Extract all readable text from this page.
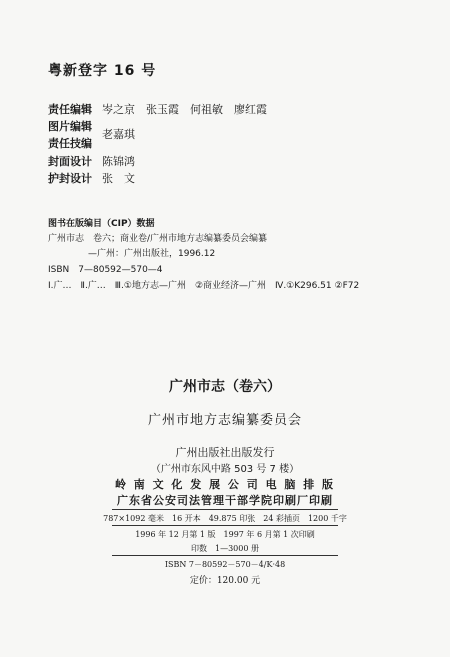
粤新登字 16 号
责任编辑 岑之京　张玉霞　何祖敏　廖红霞
图片编辑
责任技编
老嘉琪
封面设计 陈锦鸿
护封设计 张　文
图书在版编目（CIP）数据
广州市志　卷六；商业卷/广州市地方志编纂委员会编纂
—广州：广州出版社，1996.12
ISBN　7—80592—570—4
Ⅰ.广…　Ⅱ.广…　Ⅲ.①地方志—广州　②商业经济—广州　Ⅳ.①K296.51 ②F72
广州市志（卷六）
广州市地方志编纂委员会
广州出版社出版发行
（广州市东风中路 503 号 7 楼）
岭 南 文 化 发 展 公 司 电 脑 排 版
广东省公安司法管理干部学院印刷厂印刷
787×1092 毫米　16 开本　49.875 印张　24 彩插页　1200 千字
1996 年 12 月第 1 版　1997 年 6 月第 1 次印刷
印数　1—3000 册
ISBN 7－80592－570－4/K·48
定价：120.00 元
